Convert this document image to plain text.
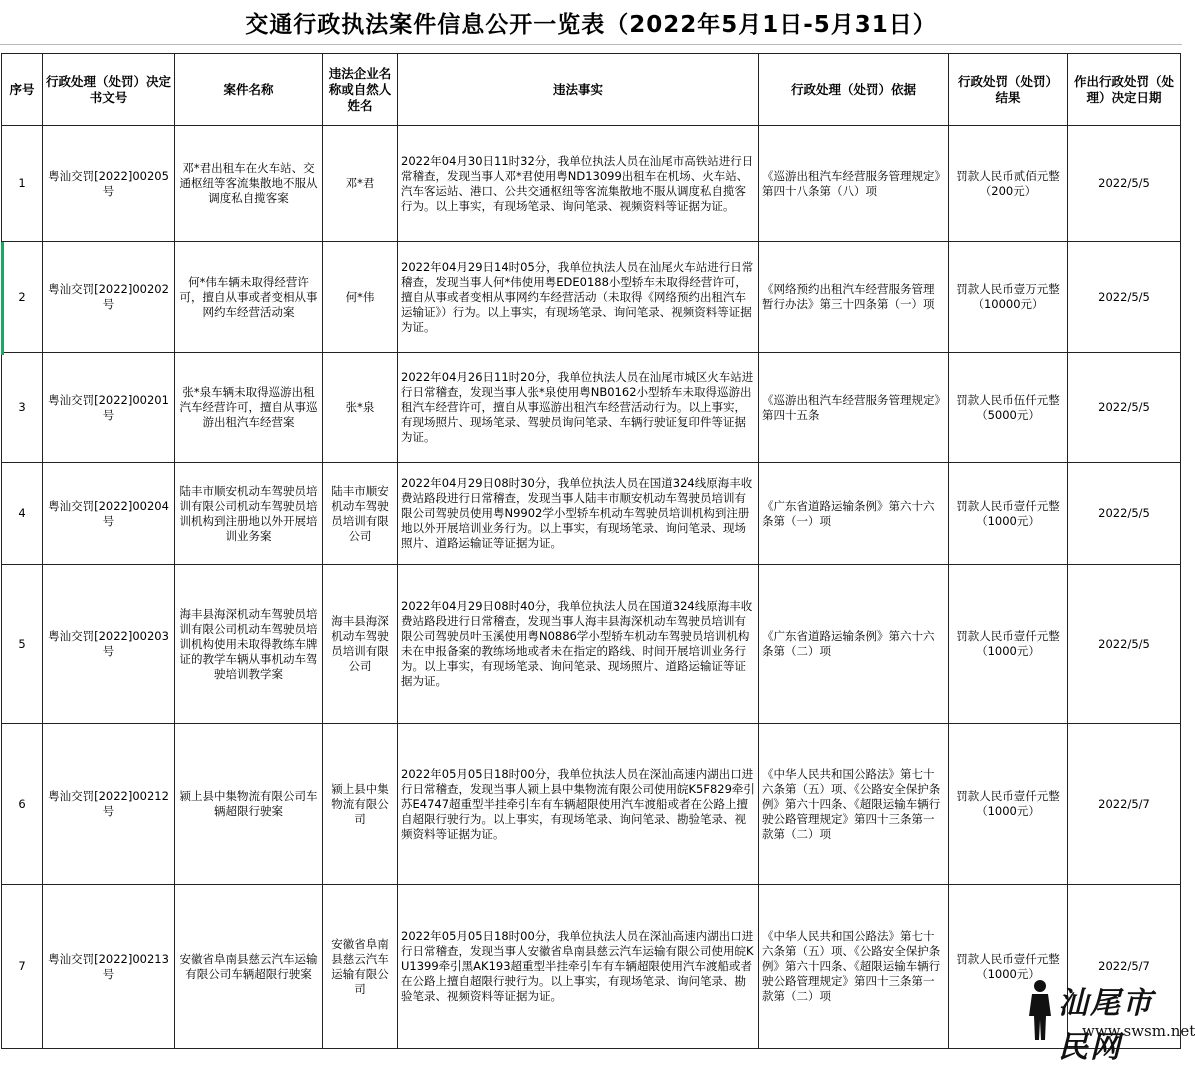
交通行政执法案件信息公开一览表（2022年5月1日-5月31日）
序号	行政处理（处罚）决定书文号	案件名称	违法企业名称或自然人姓名	违法事实	行政处理（处罚）依据	行政处罚（处罚）结果	作出行政处罚（处理）决定日期
1	粤汕交罚[2022]00205号	邓*君出租车在火车站、交通枢纽等客流集散地不服从调度私自揽客案	邓*君	2022年04月30日11时32分，我单位执法人员在汕尾市高铁站进行日常稽查，发现当事人邓*君使用粤ND13099出租车在机场、火车站、汽车客运站、港口、公共交通枢纽等客流集散地不服从调度私自揽客行为。以上事实，有现场笔录、询问笔录、视频资料等证据为证。	《巡游出租汽车经营服务管理规定》第四十八条第（八）项	罚款人民币贰佰元整（200元）	2022/5/5
2	粤汕交罚[2022]00202号	何*伟车辆未取得经营许可，擅自从事或者变相从事网约车经营活动案	何*伟	2022年04月29日14时05分，我单位执法人员在汕尾火车站进行日常稽查，发现当事人何*伟使用粤EDE0188小型轿车未取得经营许可，擅自从事或者变相从事网约车经营活动（未取得《网络预约出租汽车运输证》）行为。以上事实，有现场笔录、询问笔录、视频资料等证据为证。	《网络预约出租汽车经营服务管理暂行办法》第三十四条第（一）项	罚款人民币壹万元整（10000元）	2022/5/5
3	粤汕交罚[2022]00201号	张*泉车辆未取得巡游出租汽车经营许可，擅自从事巡游出租汽车经营案	张*泉	2022年04月26日11时20分，我单位执法人员在汕尾市城区火车站进行日常稽查，发现当事人张*泉使用粤NB0162小型轿车未取得巡游出租汽车经营许可，擅自从事巡游出租汽车经营活动行为。以上事实，有现场照片、现场笔录、驾驶员询问笔录、车辆行驶证复印件等证据为证。	《巡游出租汽车经营服务管理规定》第四十五条	罚款人民币伍仟元整（5000元）	2022/5/5
4	粤汕交罚[2022]00204号	陆丰市顺安机动车驾驶员培训有限公司机动车驾驶员培训机构到注册地以外开展培训业务案	陆丰市顺安机动车驾驶员培训有限公司	2022年04月29日08时30分，我单位执法人员在国道324线原海丰收费站路段进行日常稽查，发现当事人陆丰市顺安机动车驾驶员培训有限公司驾驶员使用粤N9902学小型轿车机动车驾驶员培训机构到注册地以外开展培训业务行为。以上事实，有现场笔录、询问笔录、现场照片、道路运输证等证据为证。	《广东省道路运输条例》第六十六条第（一）项	罚款人民币壹仟元整（1000元）	2022/5/5
5	粤汕交罚[2022]00203号	海丰县海深机动车驾驶员培训有限公司机动车驾驶员培训机构使用未取得教练车牌证的教学车辆从事机动车驾驶培训教学案	海丰县海深机动车驾驶员培训有限公司	2022年04月29日08时40分，我单位执法人员在国道324线原海丰收费站路段进行日常稽查，发现当事人海丰县海深机动车驾驶员培训有限公司驾驶员叶玉溪使用粤N0886学小型轿车机动车驾驶员培训机构未在申报备案的教练场地或者未在指定的路线、时间开展培训业务行为。以上事实，有现场笔录、询问笔录、现场照片、道路运输证等证据为证。	《广东省道路运输条例》第六十六条第（二）项	罚款人民币壹仟元整（1000元）	2022/5/5
6	粤汕交罚[2022]00212号	颍上县中集物流有限公司车辆超限行驶案	颍上县中集物流有限公司	2022年05月05日18时00分，我单位执法人员在深汕高速内湖出口进行日常稽查，发现当事人颍上县中集物流有限公司使用皖K5F829牵引苏E4747超重型半挂牵引车有车辆超限使用汽车渡船或者在公路上擅自超限行驶行为。以上事实，有现场笔录、询问笔录、勘验笔录、视频资料等证据为证。	《中华人民共和国公路法》第七十六条第（五）项、《公路安全保护条例》第六十四条、《超限运输车辆行驶公路管理规定》第四十三条第一款第（二）项	罚款人民币壹仟元整（1000元）	2022/5/7
7	粤汕交罚[2022]00213号	安徽省阜南县慈云汽车运输有限公司车辆超限行驶案	安徽省阜南县慈云汽车运输有限公司	2022年05月05日18时00分，我单位执法人员在深汕高速内湖出口进行日常稽查，发现当事人安徽省阜南县慈云汽车运输有限公司使用皖KU1399牵引黑AK193超重型半挂牵引车有车辆超限使用汽车渡船或者在公路上擅自超限行驶行为。以上事实，有现场笔录、询问笔录、勘验笔录、视频资料等证据为证。	《中华人民共和国公路法》第七十六条第（五）项、《公路安全保护条例》第六十四条、《超限运输车辆行驶公路管理规定》第四十三条第一款第（二）项	罚款人民币壹仟元整（1000元）	2022/5/7
汕尾市民网
www.swsm.net
